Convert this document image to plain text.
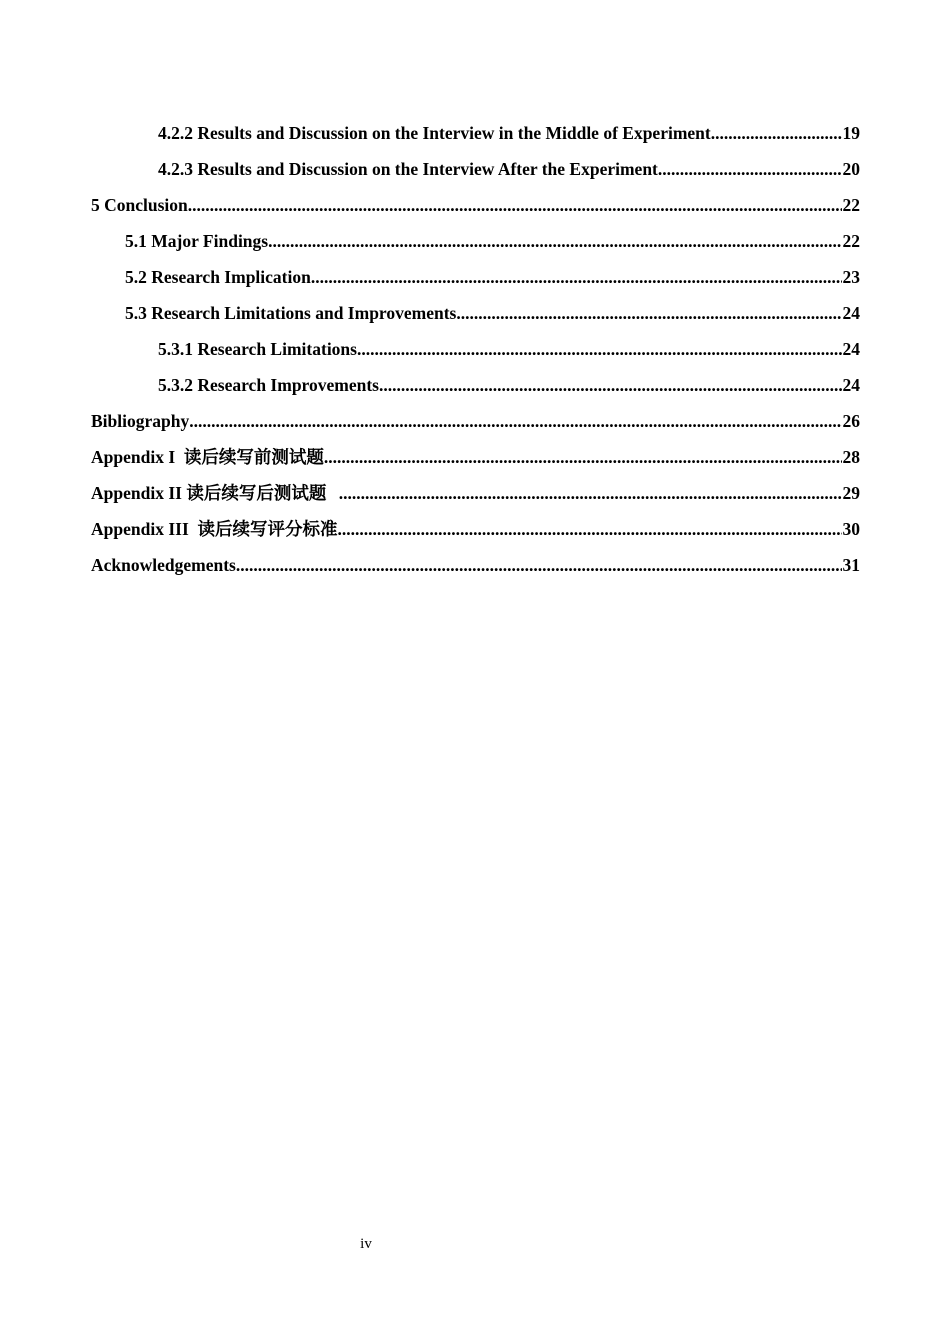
4.2.2 Results and Discussion on the Interview in the Middle of Experiment .....	19
4.2.3 Results and Discussion on the Interview After the Experiment .....	20
5 Conclusion .....	22
5.1 Major Findings .....	22
5.2 Research Implication .....	23
5.3 Research Limitations and Improvements .....	24
5.3.1 Research Limitations .....	24
5.3.2 Research Improvements .....	24
Bibliography .....	26
Appendix I  读后续写前测试题 .....	28
Appendix II 读后续写后测试题 .....	29
Appendix III  读后续写评分标准 .....	30
Acknowledgements .....	31
iv
